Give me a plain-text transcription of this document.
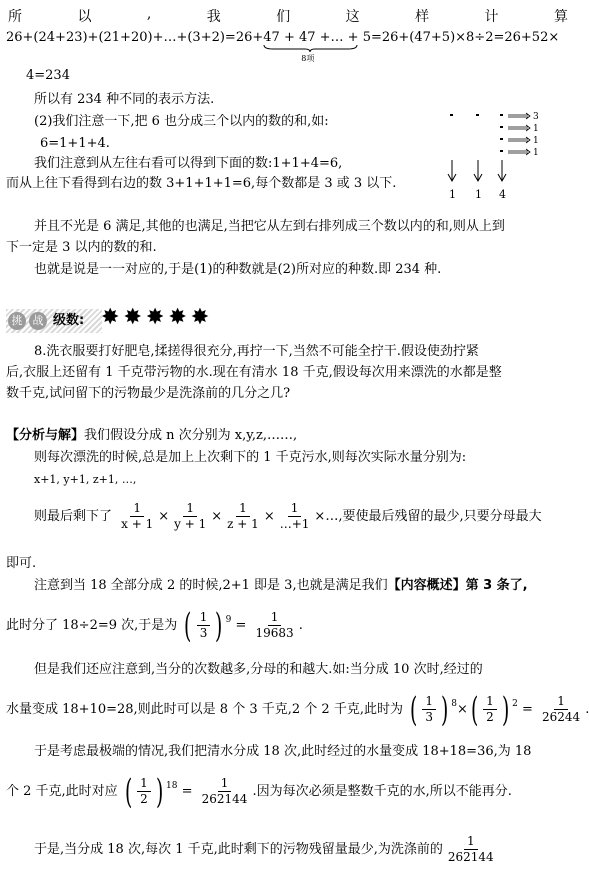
所	以	,	我	们	这	样	计	算
26+(24+23)+(21+20)+…+(3+2)=26+47 + 47 +… + 5
8项
=26+(47+5)×8÷2=26+52×
4=234
所以有 234 种不同的表示方法.
(2)我们注意一下,把 6 也分成三个以内的数的和,如:
6=1+1+4.
我们注意到从左往右看可以得到下面的数:1+1+4=6,
而从上往下看得到右边的数 3+1+1+1=6,每个数都是 3 或 3 以下.
3
1
1
1
1 1 4
并且不光是 6 满足,其他的也满足,当把它从左到右排列成三个数以内的和,则从上到
下一定是 3 以内的数的和.
也就是说是一一对应的,于是(1)的种数就是(2)所对应的种数.即 234 种.
挑 战 级数: ✸ ✸ ✸ ✸ ✸
8.洗衣服要打好肥皂,揉搓得很充分,再拧一下,当然不可能全拧干.假设使劲拧紧
后,衣服上还留有 1 千克带污物的水.现在有清水 18 千克,假设每次用来漂洗的水都是整
数千克,试问留下的污物最少是洗涤前的几分之几?
【分析与解】我们假设分成 n 次分别为 x,y,z,……,
则每次漂洗的时候,总是加上上次剩下的 1 千克污水,则每次实际水量分别为:
x+1, y+1, z+1, …,
则最后剩下了 $\frac{1}{x + 1} \times \frac{1}{y + 1} \times \frac{1}{z + 1} \times \frac{1}{\dots+1}$ ×…,要使最后残留的最少,只要分母最大
即可.
注意到当 18 全部分成 2 的时候,2+1 即是 3,也就是满足我们【内容概述】第 3 条了,
此时分了 18÷2=9 次,于是为 ( $\frac{1}{3}$ ) $^9 = \frac{1}{19683}$ .
但是我们还应注意到,当分的次数越多,分母的和越大.如:当分成 10 次时,经过的
水量变成 18+10=28,则此时可以是 8 个 3 千克,2 个 2 千克,此时为 ( $\frac{1}{3}$ ) $^8\times( \frac{1}{2}$ ) $^2 = \frac{1}{26244}$ .
于是考虑最极端的情况,我们把清水分成 18 次,此时经过的水量变成 18+18=36,为 18
个 2 千克,此时对应 ( $\frac{1}{2}$ ) $^{18} = \frac{1}{262144}$ .因为每次必须是整数千克的水,所以不能再分.
于是,当分成 18 次,每次 1 千克,此时剩下的污物残留量最少,为洗涤前的 $\frac{1}{262144}$
